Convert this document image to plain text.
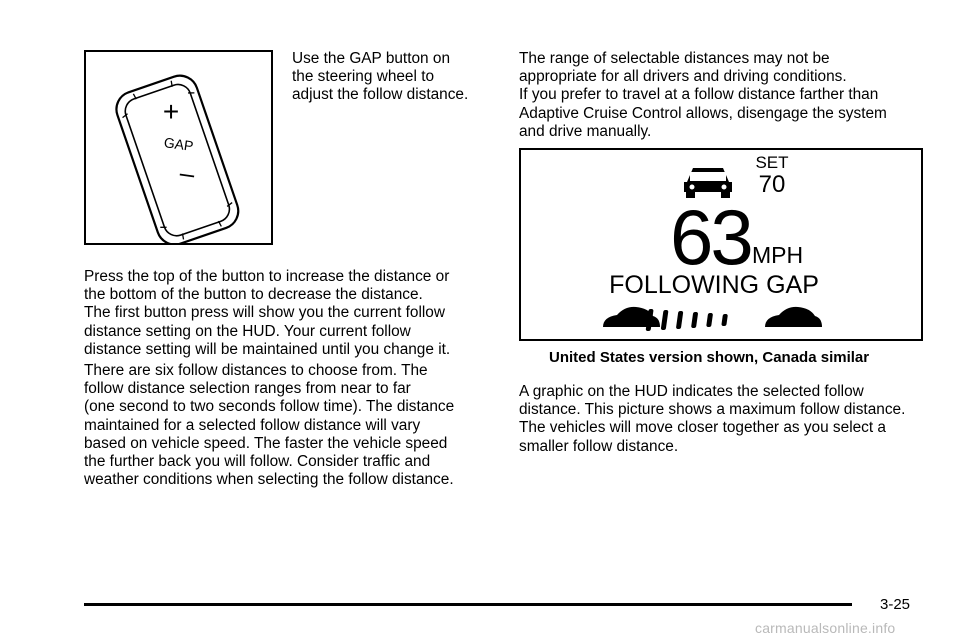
Use the GAP button on
the steering wheel to
adjust the follow distance.
+
GAP
–
Press the top of the button to increase the distance or
the bottom of the button to decrease the distance.
The first button press will show you the current follow
distance setting on the HUD. Your current follow
distance setting will be maintained until you change it.
There are six follow distances to choose from. The
follow distance selection ranges from near to far
(one second to two seconds follow time). The distance
maintained for a selected follow distance will vary
based on vehicle speed. The faster the vehicle speed
the further back you will follow. Consider traffic and
weather conditions when selecting the follow distance.
The range of selectable distances may not be
appropriate for all drivers and driving conditions.
If you prefer to travel at a follow distance farther than
Adaptive Cruise Control allows, disengage the system
and drive manually.
SET
70
63 MPH
FOLLOWING GAP
United States version shown, Canada similar
A graphic on the HUD indicates the selected follow
distance. This picture shows a maximum follow distance.
The vehicles will move closer together as you select a
smaller follow distance.
3-25
carmanualsonline.info
